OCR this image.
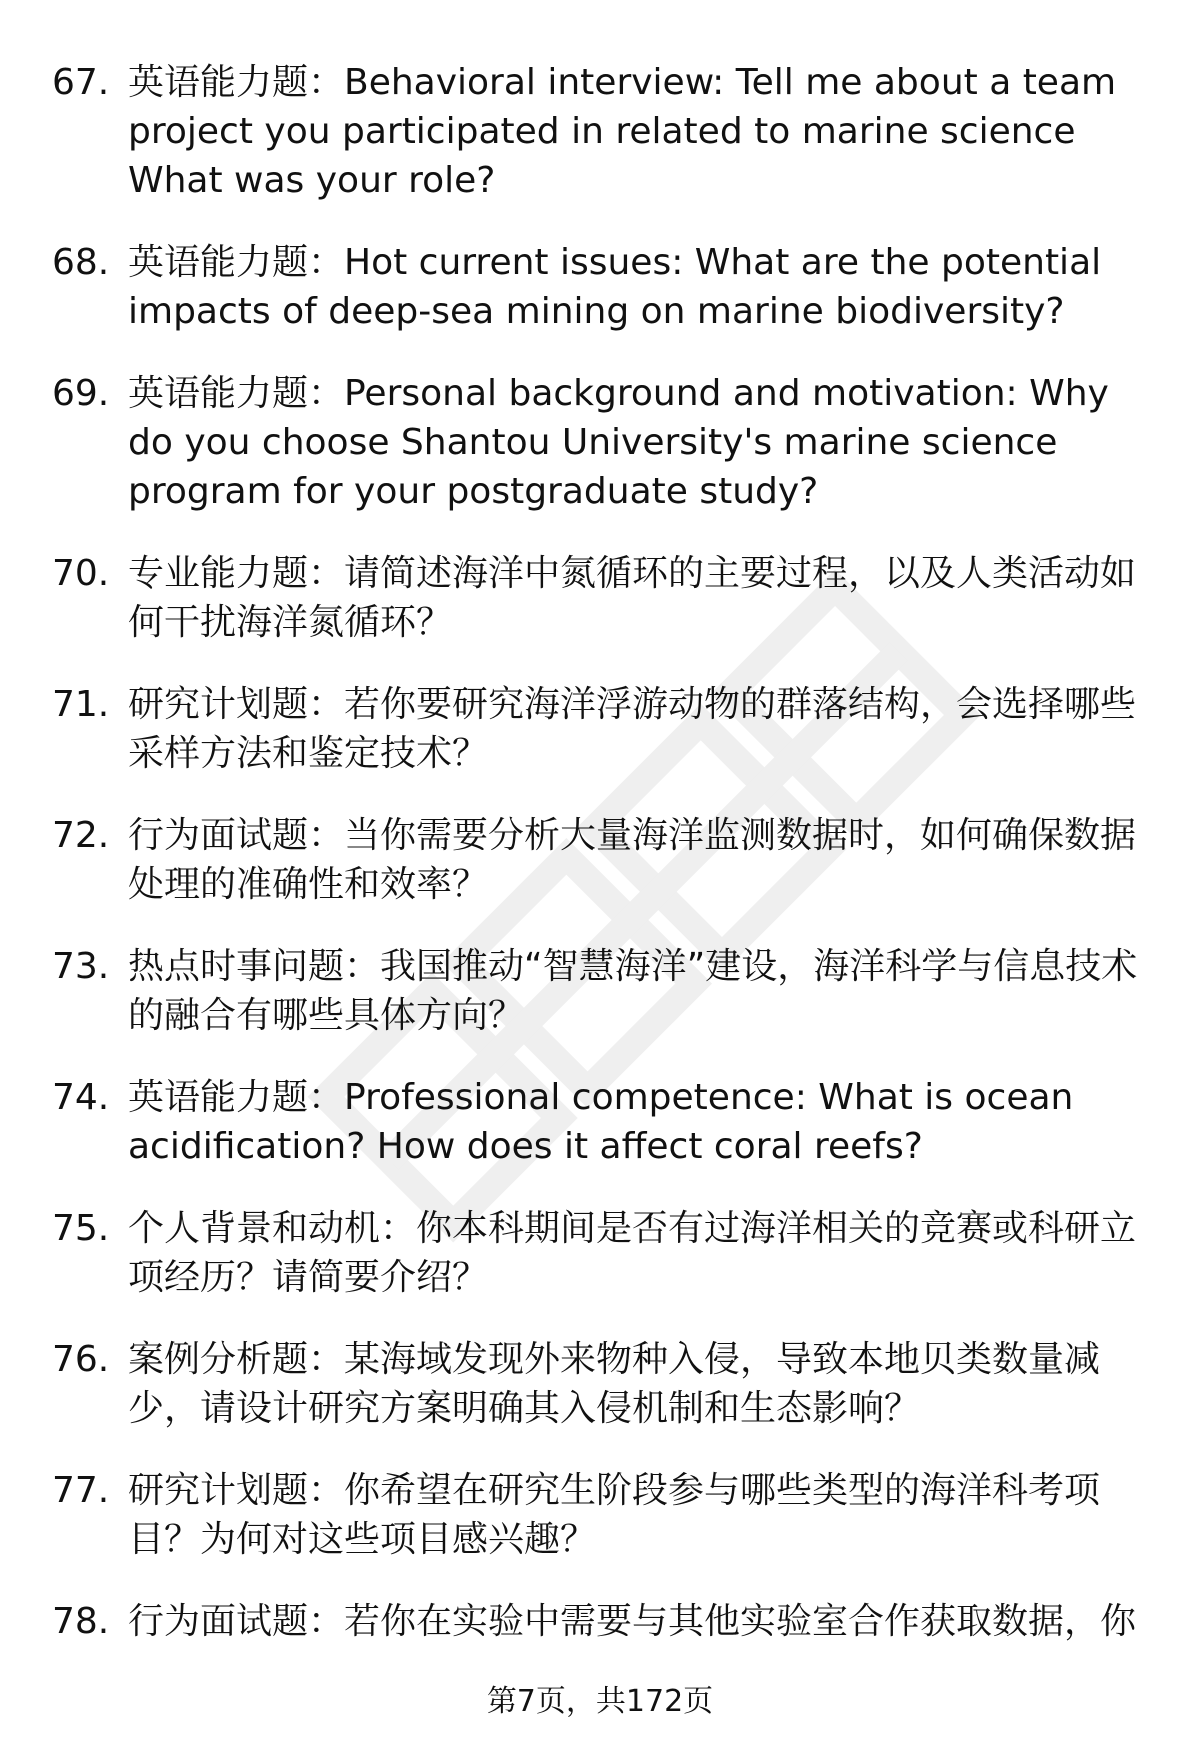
67. 英语能力题：Behavioral interview: Tell me about a team project you participated in related to marine science What was your role?
68. 英语能力题：Hot current issues: What are the potential impacts of deep-sea mining on marine biodiversity?
69. 英语能力题：Personal background and motivation: Why do you choose Shantou University's marine science program for your postgraduate study?
70. 专业能力题：请简述海洋中氮循环的主要过程，以及人类活动如何干扰海洋氮循环？
71. 研究计划题：若你要研究海洋浮游动物的群落结构，会选择哪些采样方法和鉴定技术？
72. 行为面试题：当你需要分析大量海洋监测数据时，如何确保数据处理的准确性和效率？
73. 热点时事问题：我国推动“智慧海洋”建设，海洋科学与信息技术的融合有哪些具体方向？
74. 英语能力题：Professional competence: What is ocean acidification? How does it affect coral reefs?
75. 个人背景和动机：你本科期间是否有过海洋相关的竞赛或科研立项经历？请简要介绍？
76. 案例分析题：某海域发现外来物种入侵，导致本地贝类数量减少，请设计研究方案明确其入侵机制和生态影响？
77. 研究计划题：你希望在研究生阶段参与哪些类型的海洋科考项目？为何对这些项目感兴趣？
78. 行为面试题：若你在实验中需要与其他实验室合作获取数据，你
第7页，共172页
